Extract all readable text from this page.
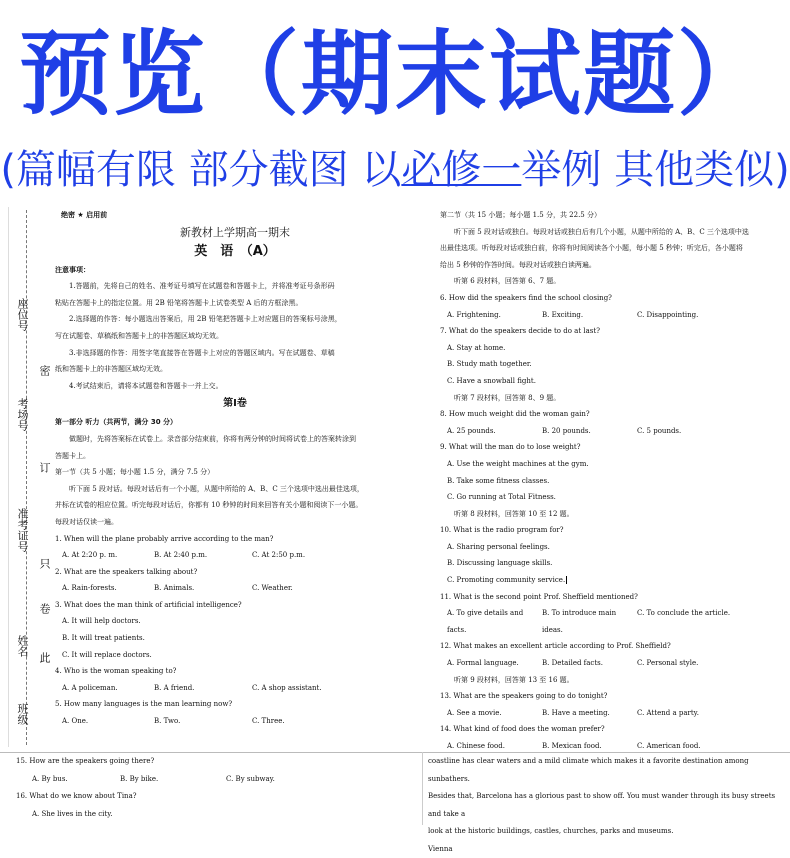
预览（期末试题）
(篇幅有限 部分截图 以必修一举例 其他类似)
座位号
密
考场号
订
准考证号
只
卷
姓名
此
班级
绝密 ★ 启用前
新教材上学期高一期末
英　语　（A）
注意事项：
1.答题前，先将自己的姓名、准考证号填写在试题卷和答题卡上，并将准考证号条形码
粘贴在答题卡上的指定位置。用 2B 铅笔将答题卡上试卷类型 A 后的方框涂黑。
2.选择题的作答：每小题选出答案后，用 2B 铅笔把答题卡上对应题目的答案标号涂黑，
写在试题卷、草稿纸和答题卡上的非答题区域均无效。
3.非选择题的作答：用签字笔直接答在答题卡上对应的答题区域内。写在试题卷、草稿
纸和答题卡上的非答题区域均无效。
4.考试结束后，请将本试题卷和答题卡一并上交。
第Ⅰ卷
第一部分 听力（共两节，满分 30 分）
做题时，先将答案标在试卷上。录音部分结束前，你将有两分钟的时间将试卷上的答案转涂到
答题卡上。
第一节（共 5 小题；每小题 1.5 分，满分 7.5 分）
听下面 5 段对话。每段对话后有一个小题，从题中所给的 A、B、C 三个选项中选出最佳选项，
并标在试卷的相应位置。听完每段对话后，你都有 10 秒钟的时间来回答有关小题和阅读下一小题。
每段对话仅读一遍。
1. When will the plane probably arrive according to the man?
A. At 2:20 p. m.	B. At 2:40 p.m.	C. At 2:50 p.m.
2. What are the speakers talking about?
A. Rain-forests.	B. Animals.	C. Weather.
3. What does the man think of artificial intelligence?
A. It will help doctors.
B. It will treat patients.
C. It will replace doctors.
4. Who is the woman speaking to?
A. A policeman.	B. A friend.	C. A shop assistant.
5. How many languages is the man learning now?
A. One.	B. Two.	C. Three.
第二节（共 15 小题；每小题 1.5 分，共 22.5 分）
听下面 5 段对话或独白。每段对话或独白后有几个小题，从题中所给的 A、B、C 三个选项中选
出最佳选项。听每段对话或独白前，你将有时间阅读各个小题，每小题 5 秒钟；听完后，各小题将
给出 5 秒钟的作答时间。每段对话或独白读两遍。
听第 6 段材料，回答第 6、7 题。
6. How did the speakers find the school closing?
A. Frightening.	B. Exciting.	C. Disappointing.
7. What do the speakers decide to do at last?
A. Stay at home.
B. Study math together.
C. Have a snowball fight.
听第 7 段材料，回答第 8、9 题。
8. How much weight did the woman gain?
A. 25 pounds.	B. 20 pounds.	C. 5 pounds.
9. What will the man do to lose weight?
A. Use the weight machines at the gym.
B. Take some fitness classes.
C. Go running at Total Fitness.
听第 8 段材料，回答第 10 至 12 题。
10. What is the radio program for?
A. Sharing personal feelings.
B. Discussing language skills.
C. Promoting community service.
11. What is the second point Prof. Sheffield mentioned?
A. To give details and facts.
B. To introduce main ideas.
C. To conclude the article.
12. What makes an excellent article according to Prof. Sheffield?
A. Formal language.	B. Detailed facts.	C. Personal style.
听第 9 段材料，回答第 13 至 16 题。
13. What are the speakers going to do tonight?
A. See a movie.	B. Have a meeting.	C. Attend a party.
14. What kind of food does the woman prefer?
A. Chinese food.	B. Mexican food.	C. American food.
15. How are the speakers going there?
A. By bus.	B. By bike.	C. By subway.
16. What do we know about Tina?
A. She lives in the city.
coastline has clear waters and a mild climate which makes it a favorite destination among sunbathers.
Besides that, Barcelona has a glorious past to show off. You must wander through its busy streets and take a
look at the historic buildings, castles, churches, parks and museums.
Vienna
